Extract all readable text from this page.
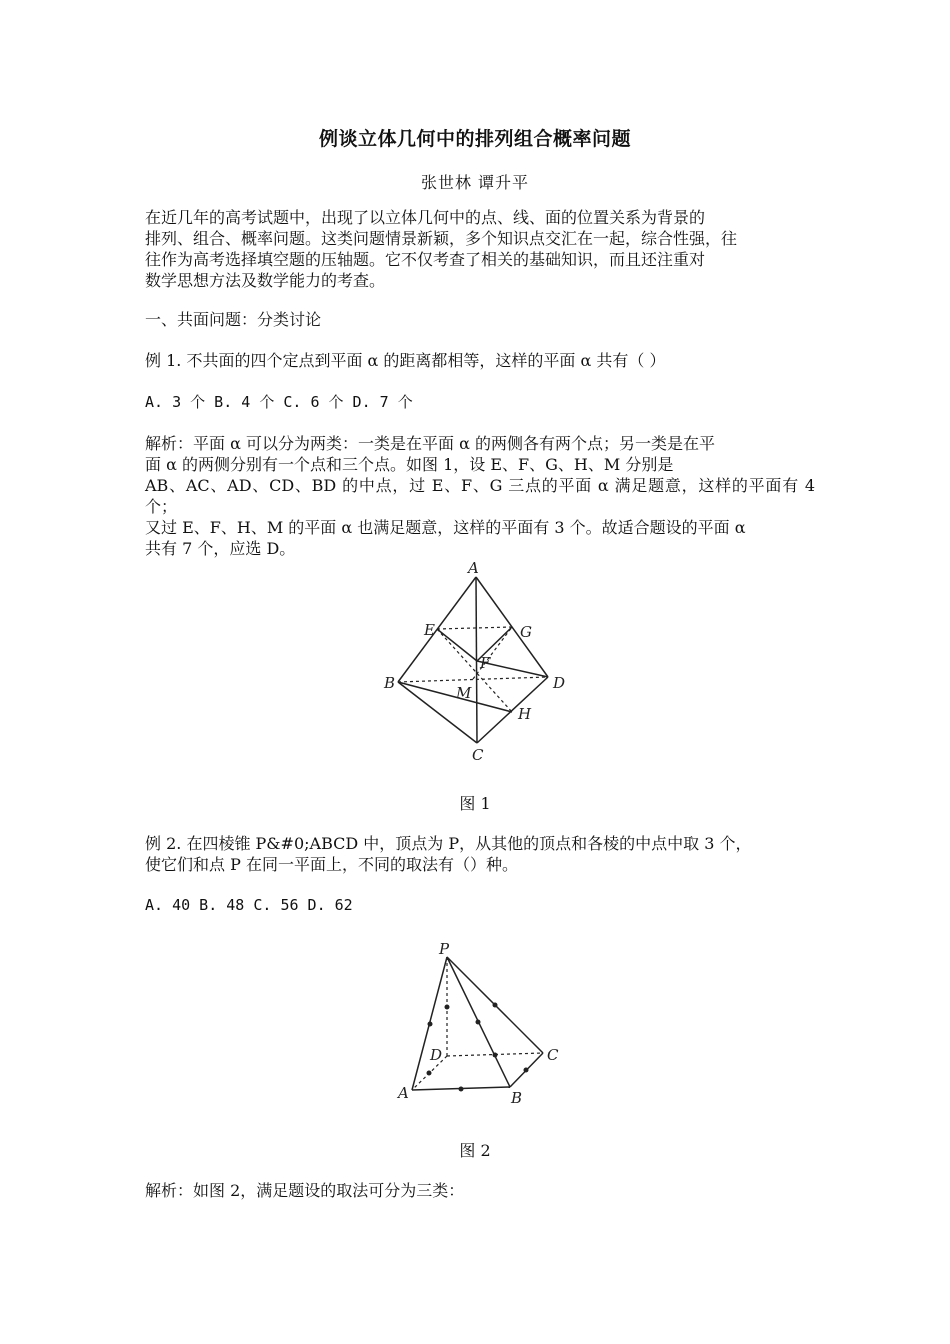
例谈立体几何中的排列组合概率问题
张世林 谭升平
在近几年的高考试题中，出现了以立体几何中的点、线、面的位置关系为背景的
排列、组合、概率问题。这类问题情景新颖，多个知识点交汇在一起，综合性强，往
往作为高考选择填空题的压轴题。它不仅考查了相关的基础知识，而且还注重对
数学思想方法及数学能力的考查。
一、共面问题：分类讨论
例 1. 不共面的四个定点到平面 α 的距离都相等，这样的平面 α 共有（ ）
A. 3 个 B. 4 个 C. 6 个 D. 7 个
解析：平面 α 可以分为两类：一类是在平面 α 的两侧各有两个点；另一类是在平
面 α 的两侧分别有一个点和三个点。如图 1，设 E、F、G、H、M 分别是
AB、AC、AD、CD、BD 的中点，过 E、F、G 三点的平面 α 满足题意，这样的平面有 4 个；
又过 E、F、H、M 的平面 α 也满足题意，这样的平面有 3 个。故适合题设的平面 α
共有 7 个，应选 D。
A
B
C
D
E
F
G
H
M
图 1
例 2. 在四棱锥 P&#0;ABCD 中，顶点为 P，从其他的顶点和各棱的中点中取 3 个，
使它们和点 P 在同一平面上，不同的取法有（）种。
A. 40 B. 48 C. 56 D. 62
P
A	B
C
D
图 2
解析：如图 2，满足题设的取法可分为三类：
